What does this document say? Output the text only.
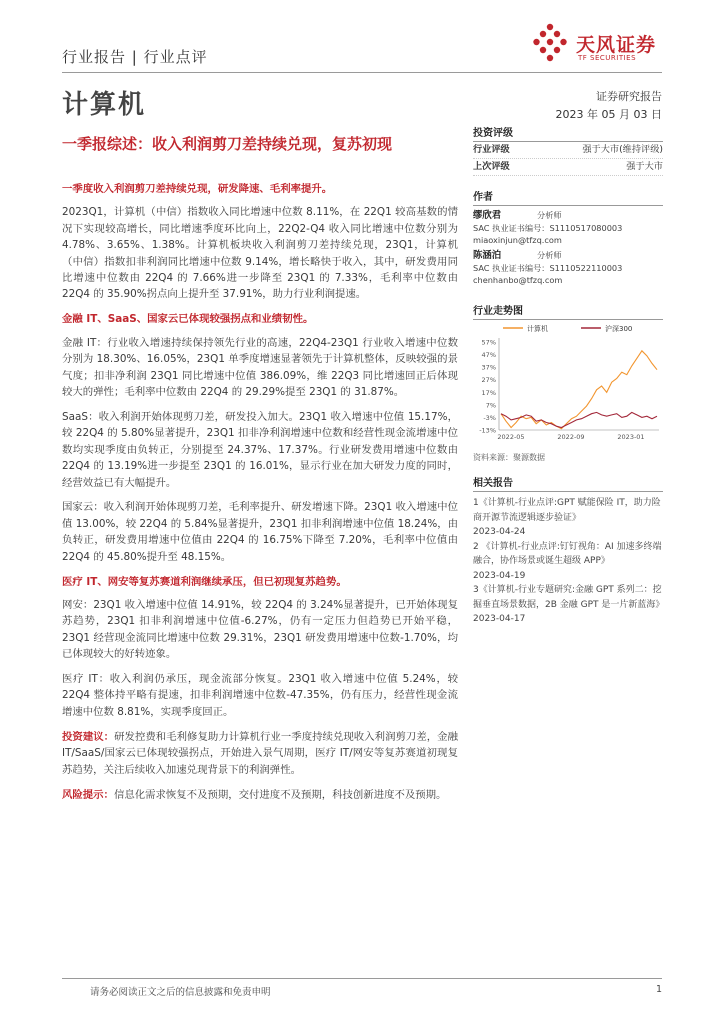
行业报告 | 行业点评
天风证券
TF SECURITIES
计算机	证券研究报告
2023 年 05 月 03 日
一季报综述：收入利润剪刀差持续兑现，复苏初现

一季度收入利润剪刀差持续兑现，研发降速、毛利率提升。

2023Q1，计算机（中信）指数收入同比增速中位数 8.11%，在 22Q1 较高基数的情况下实现较高增长，同比增速季度环比向上，22Q2-Q4 收入同比增速中位数分别为 4.78%、3.65%、1.38%。计算机板块收入利润剪刀差持续兑现，23Q1，计算机（中信）指数扣非利润同比增速中位数 9.14%，增长略快于收入，其中，研发费用同比增速中位数由 22Q4 的 7.66%进一步降至 23Q1 的 7.33%，毛利率中位数由 22Q4 的 35.90%拐点向上提升至 37.91%，助力行业利润提速。

金融 IT、SaaS、国家云已体现较强拐点和业绩韧性。

金融 IT：行业收入增速持续保持领先行业的高速，22Q4-23Q1 行业收入增速中位数分别为 18.30%、16.05%，23Q1 单季度增速显著领先于计算机整体，反映较强的景气度；扣非净利润 23Q1 同比增速中位值 386.09%，维 22Q3 同比增速回正后体现较大的弹性；毛利率中位数由 22Q4 的 29.29%提至 23Q1 的 31.87%。

SaaS：收入利润开始体现剪刀差，研发投入加大。23Q1 收入增速中位值 15.17%，较 22Q4 的 5.80%显著提升，23Q1 扣非净利润增速中位数和经营性现金流增速中位数均实现季度由负转正，分别提至 24.37%、17.37%。行业研发费用增速中位数由 22Q4 的 13.19%进一步提至 23Q1 的 16.01%，显示行业在加大研发力度的同时，经营效益已有大幅提升。

国家云：收入利润开始体现剪刀差，毛利率提升、研发增速下降。23Q1 收入增速中位值 13.00%，较 22Q4 的 5.84%显著提升，23Q1 扣非利润增速中位值 18.24%，由负转正，研发费用增速中位值由 22Q4 的 16.75%下降至 7.20%，毛利率中位值由 22Q4 的 45.80%提升至 48.15%。

医疗 IT、网安等复苏赛道利润继续承压，但已初现复苏趋势。

网安：23Q1 收入增速中位值 14.91%，较 22Q4 的 3.24%显著提升，已开始体现复苏趋势，23Q1 扣非利润增速中位值-6.27%，仍有一定压力但趋势已开始平稳，23Q1 经营现金流同比增速中位数 29.31%，23Q1 研发费用增速中位数-1.70%，均已体现较大的好转迹象。

医疗 IT：收入利润仍承压，现金流部分恢复。23Q1 收入增速中位值 5.24%，较 22Q4 整体持平略有提速，扣非利润增速中位数-47.35%，仍有压力，经营性现金流增速中位数 8.81%，实现季度回正。

投资建议：研发控费和毛利修复助力计算机行业一季度持续兑现收入利润剪刀差，金融 IT/SaaS/国家云已体现较强拐点，开始进入景气周期，医疗 IT/网安等复苏赛道初现复苏趋势，关注后续收入加速兑现背景下的利润弹性。

风险提示：信息化需求恢复不及预期，交付进度不及预期，科技创新进度不及预期。

投资评级
行业评级	强于大市(维持评级)
上次评级	强于大市
作者
缪欣君	分析师
SAC 执业证书编号：S1110517080003
miaoxinjun@tfzq.com
陈涵泊	分析师
SAC 执业证书编号：S1110522110003
chenhanbo@tfzq.com
行业走势图
-13%
-3%
7%
17%
27%
37%
47%
57%
2022-05	2022-09	2023-01
计算机	沪深300
资料来源：聚源数据
相关报告
1《计算机-行业点评:GPT 赋能保险 IT，助力险商开源节流逻辑逐步验证》
2023-04-24
2 《计算机-行业点评:钉钉视角：AI 加速多终端融合，协作场景或诞生超级 APP》
2023-04-19
3《计算机-行业专题研究:金融 GPT 系列二：挖掘垂直场景数据，2B 金融 GPT 是一片新蓝海》
2023-04-17
请务必阅读正文之后的信息披露和免责申明	1
